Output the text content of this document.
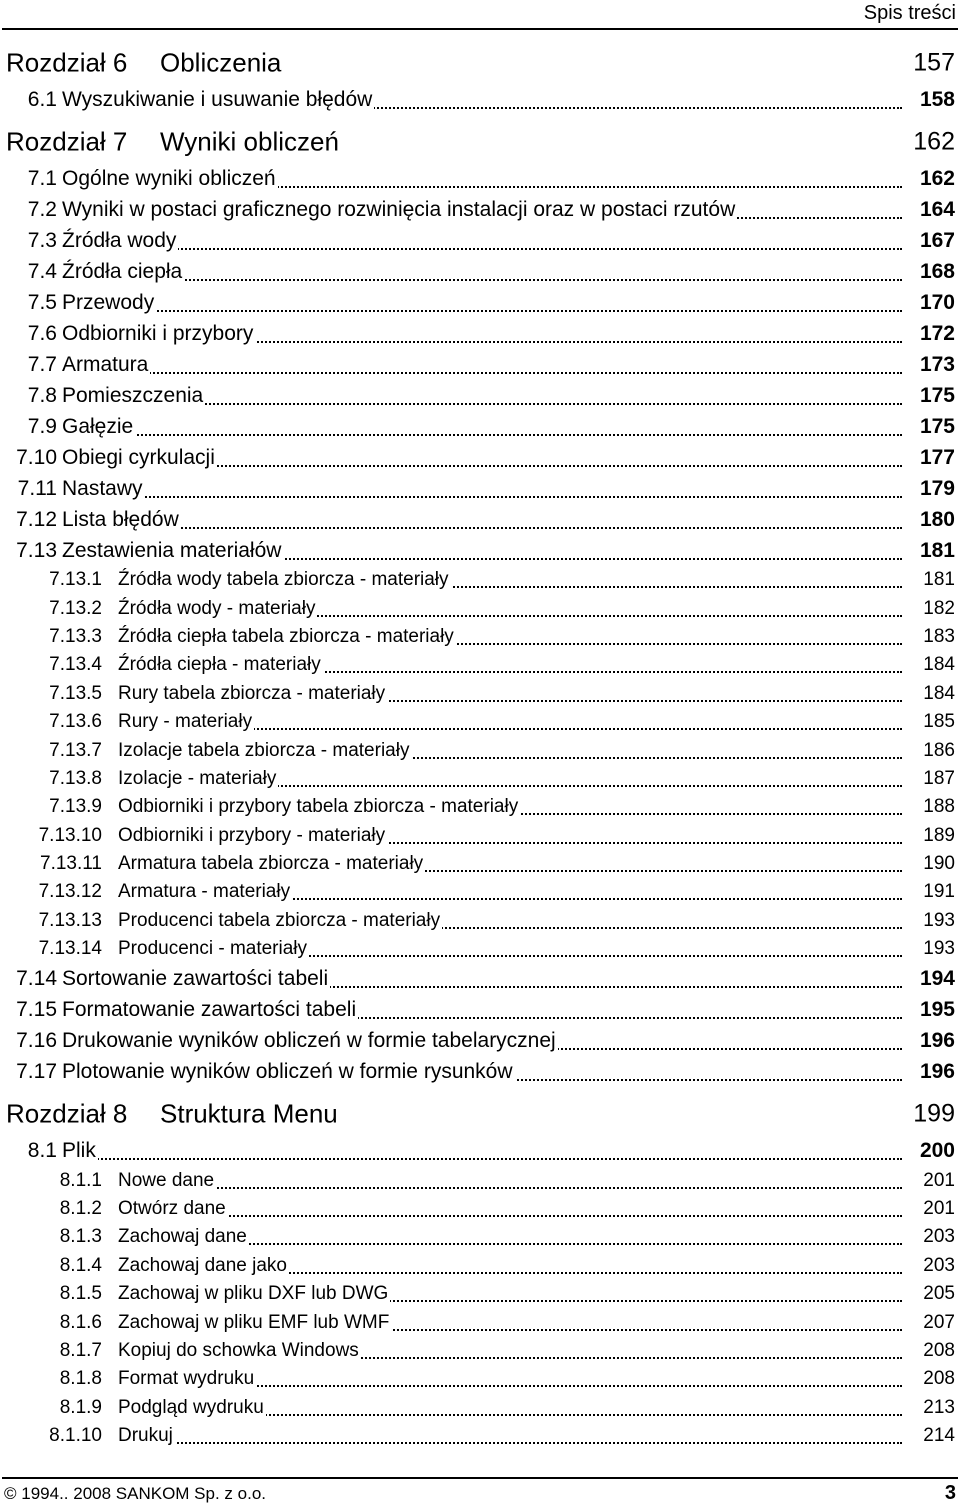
Spis treści
Rozdział 6 Obliczenia	157
6.1 Wyszukiwanie i usuwanie błędów	158
Rozdział 7 Wyniki obliczeń	162
7.1 Ogólne wyniki obliczeń	162
7.2 Wyniki w postaci graficznego rozwinięcia instalacji oraz w postaci rzutów	164
7.3 Źródła wody	167
7.4 Źródła ciepła	168
7.5 Przewody	170
7.6 Odbiorniki i przybory	172
7.7 Armatura	173
7.8 Pomieszczenia	175
7.9 Gałęzie	175
7.10 Obiegi cyrkulacji	177
7.11 Nastawy	179
7.12 Lista błędów	180
7.13 Zestawienia materiałów	181
7.13.1 Źródła wody tabela zbiorcza - materiały	181
7.13.2 Źródła wody - materiały	182
7.13.3 Źródła ciepła tabela zbiorcza - materiały	183
7.13.4 Źródła ciepła - materiały	184
7.13.5 Rury tabela zbiorcza - materiały	184
7.13.6 Rury - materiały	185
7.13.7 Izolacje tabela zbiorcza - materiały	186
7.13.8 Izolacje - materiały	187
7.13.9 Odbiorniki i przybory tabela zbiorcza - materiały	188
7.13.10 Odbiorniki i przybory - materiały	189
7.13.11 Armatura tabela zbiorcza - materiały	190
7.13.12 Armatura - materiały	191
7.13.13 Producenci tabela zbiorcza - materiały	193
7.13.14 Producenci - materiały	193
7.14 Sortowanie zawartości tabeli	194
7.15 Formatowanie zawartości tabeli	195
7.16 Drukowanie wyników obliczeń w formie tabelarycznej	196
7.17 Plotowanie wyników obliczeń w formie rysunków	196
Rozdział 8 Struktura Menu	199
8.1 Plik	200
8.1.1 Nowe dane	201
8.1.2 Otwórz dane	201
8.1.3 Zachowaj dane	203
8.1.4 Zachowaj dane jako	203
8.1.5 Zachowaj w pliku DXF lub DWG	205
8.1.6 Zachowaj w pliku EMF lub WMF	207
8.1.7 Kopiuj do schowka Windows	208
8.1.8 Format wydruku	208
8.1.9 Podgląd wydruku	213
8.1.10 Drukuj	214
© 1994.. 2008 SANKOM Sp. z o.o.	3
